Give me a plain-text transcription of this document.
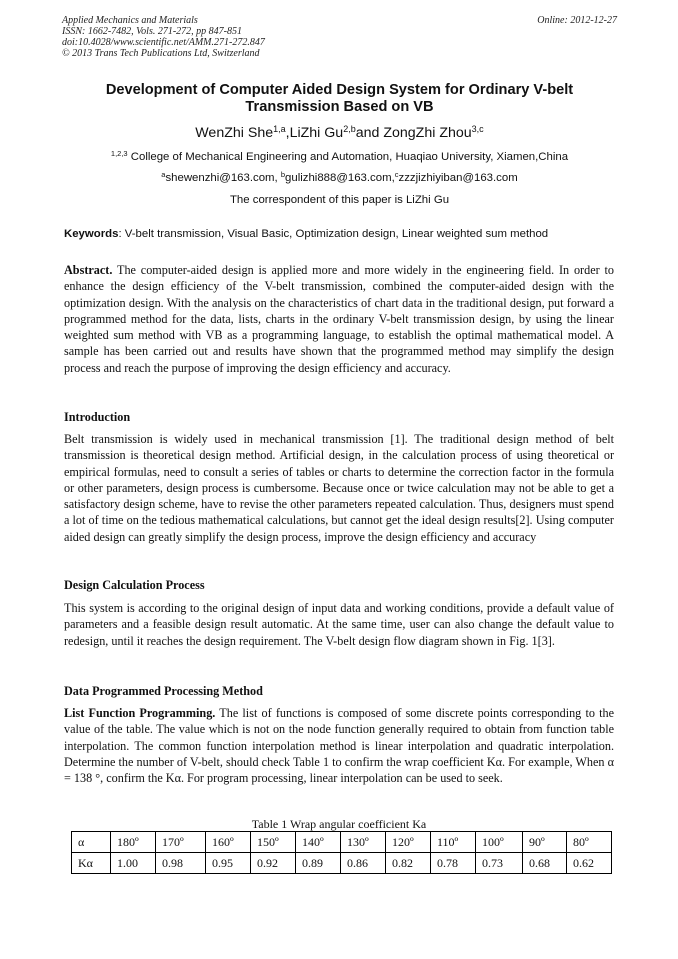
Applied Mechanics and Materials
ISSN: 1662-7482, Vols. 271-272, pp 847-851
doi:10.4028/www.scientific.net/AMM.271-272.847
© 2013 Trans Tech Publications Ltd, Switzerland
Online: 2012-12-27
Development of Computer Aided Design System for Ordinary V-belt Transmission Based on VB
WenZhi She$^{1,a}$,LiZhi Gu$^{2,b}$and ZongZhi Zhou$^{3,c}$
$^{1,2,3}$ College of Mechanical Engineering and Automation, Huaqiao University, Xiamen,China
$^a$shewenzhi@163.com, $^b$gulizhi888@163.com,$^c$zzzjizhiyiban@163.com
The correspondent of this paper is LiZhi Gu
Keywords: V-belt transmission, Visual Basic, Optimization design, Linear weighted sum method
Abstract. The computer-aided design is applied more and more widely in the engineering field. In order to enhance the design efficiency of the V-belt transmission, combined the computer-aided design with the optimization design. With the analysis on the characteristics of chart data in the traditional design, put forward a programmed method for the data, lists, charts in the ordinary V-belt transmission design, by using the linear weighted sum method with VB as a programming language, to establish the optimal mathematical model. A sample has been carried out and results have shown that the programmed method may simplify the design process and reach the purpose of improving the design efficiency and accuracy.
Introduction
Belt transmission is widely used in mechanical transmission [1]. The traditional design method of belt transmission is theoretical design method. Artificial design, in the calculation process of using theoretical or empirical formulas, need to consult a series of tables or charts to determine the correction factor in the formula or other parameters, design process is cumbersome. Because once or twice calculation may not be able to get a satisfactory design scheme, have to revise the other parameters repeated calculation. Thus, designers must spend a lot of time on the tedious mathematical calculations, but cannot get the ideal design results[2]. Using computer aided design can greatly simplify the design process, improve the design efficiency and accuracy
Design Calculation Process
This system is according to the original design of input data and working conditions, provide a default value of parameters and a feasible design result automatic. At the same time, user can also change the default value to redesign, until it reaches the design requirement. The V-belt design flow diagram shown in Fig. 1[3].
Data Programmed Processing Method
List Function Programming. The list of functions is composed of some discrete points corresponding to the value of the table. The value which is not on the node function generally required to obtain from function table interpolation. The common function interpolation method is linear interpolation and quadratic interpolation. Determine the number of V-belt, should check Table 1 to confirm the wrap coefficient Kα. For example, When α = 138 °, confirm the Kα. For program processing, linear interpolation can be used to seek.
Table 1 Wrap angular coefficient Ka
α	180º	170º	160º	150º	140º	130º	120º	110º	100º	90º	80º
Kα	1.00	0.98	0.95	0.92	0.89	0.86	0.82	0.78	0.73	0.68	0.62
